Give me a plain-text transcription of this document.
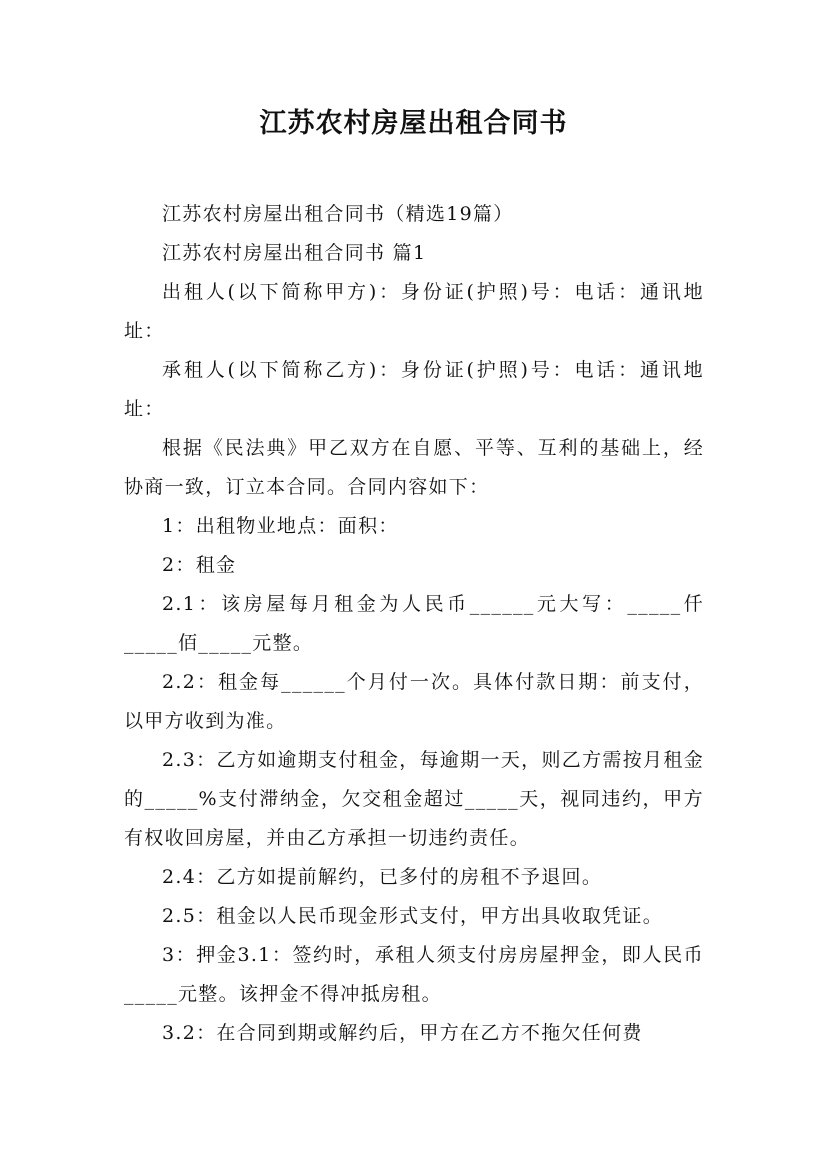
江苏农村房屋出租合同书

江苏农村房屋出租合同书（精选19篇）

江苏农村房屋出租合同书 篇1

出租人(以下简称甲方)：身份证(护照)号：电话：通讯地址：

承租人(以下简称乙方)：身份证(护照)号：电话：通讯地址：

根据《民法典》甲乙双方在自愿、平等、互利的基础上，经协商一致，订立本合同。合同内容如下：

1：出租物业地点：面积：

2：租金

2.1：该房屋每月租金为人民币______元大写：_____仟_____佰_____元整。

2.2：租金每______个月付一次。具体付款日期：前支付，以甲方收到为准。

2.3：乙方如逾期支付租金，每逾期一天，则乙方需按月租金的_____%支付滞纳金，欠交租金超过_____天，视同违约，甲方有权收回房屋，并由乙方承担一切违约责任。

2.4：乙方如提前解约，已多付的房租不予退回。

2.5：租金以人民币现金形式支付，甲方出具收取凭证。

3：押金3.1：签约时，承租人须支付房房屋押金，即人民币_____元整。该押金不得冲抵房租。

3.2：在合同到期或解约后，甲方在乙方不拖欠任何费
